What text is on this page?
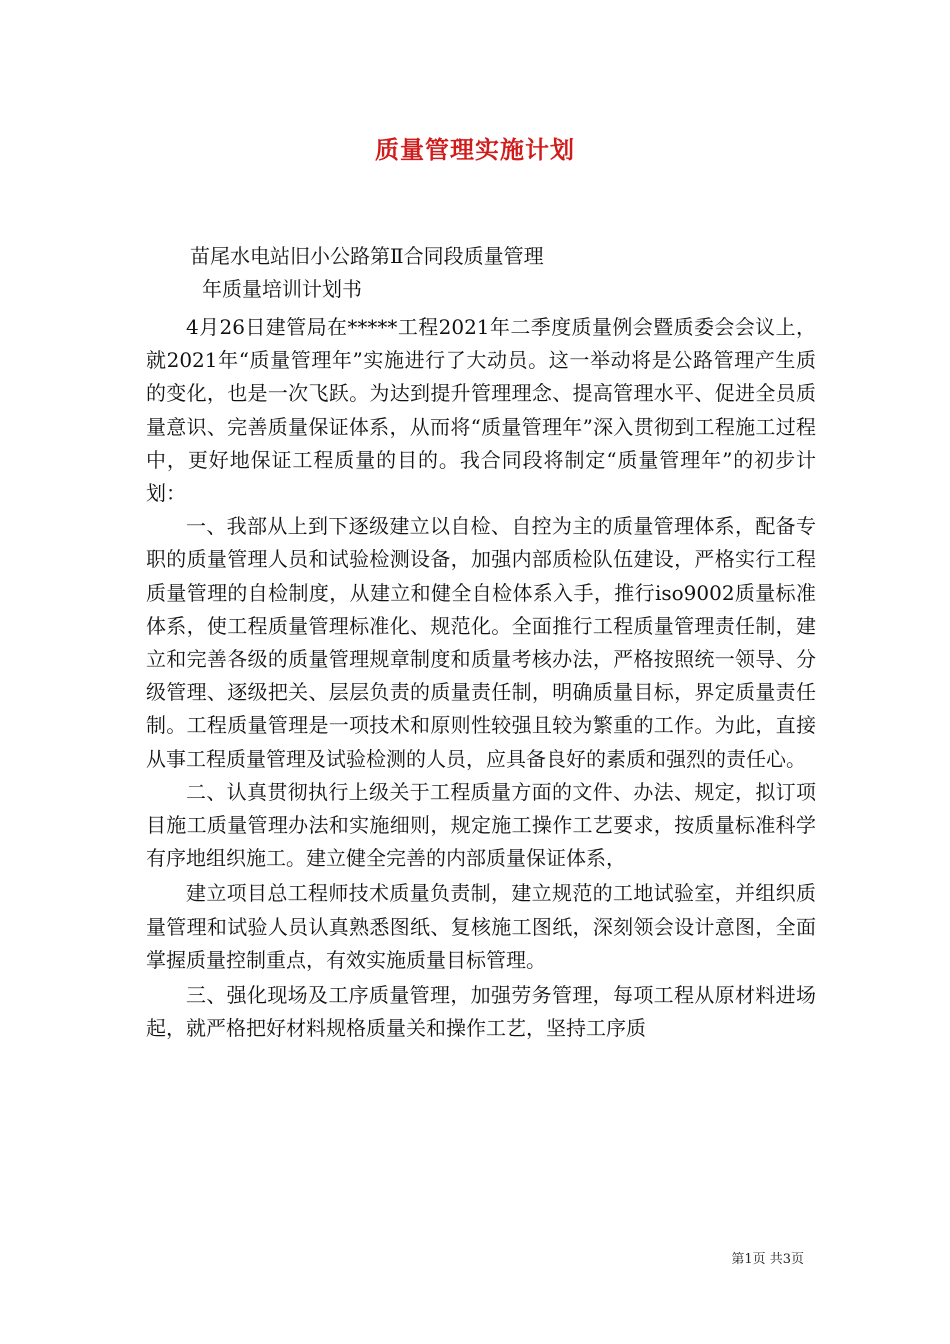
质量管理实施计划
苗尾水电站旧小公路第Ⅱ合同段质量管理
年质量培训计划书

4月26日建管局在*****工程2021年二季度质量例会暨质委会会议上，就2021年“质量管理年”实施进行了大动员。这一举动将是公路管理产生质的变化，也是一次飞跃。为达到提升管理理念、提高管理水平、促进全员质量意识、完善质量保证体系，从而将“质量管理年”深入贯彻到工程施工过程中，更好地保证工程质量的目的。我合同段将制定“质量管理年”的初步计划：

一、我部从上到下逐级建立以自检、自控为主的质量管理体系，配备专职的质量管理人员和试验检测设备，加强内部质检队伍建设，严格实行工程质量管理的自检制度，从建立和健全自检体系入手，推行iso9002质量标准体系，使工程质量管理标准化、规范化。全面推行工程质量管理责任制，建立和完善各级的质量管理规章制度和质量考核办法，严格按照统一领导、分级管理、逐级把关、层层负责的质量责任制，明确质量目标，界定质量责任制。工程质量管理是一项技术和原则性较强且较为繁重的工作。为此，直接从事工程质量管理及试验检测的人员，应具备良好的素质和强烈的责任心。

二、认真贯彻执行上级关于工程质量方面的文件、办法、规定，拟订项目施工质量管理办法和实施细则，规定施工操作工艺要求，按质量标准科学有序地组织施工。建立健全完善的内部质量保证体系，

建立项目总工程师技术质量负责制，建立规范的工地试验室，并组织质量管理和试验人员认真熟悉图纸、复核施工图纸，深刻领会设计意图，全面掌握质量控制重点，有效实施质量目标管理。

三、强化现场及工序质量管理，加强劳务管理，每项工程从原材料进场起，就严格把好材料规格质量关和操作工艺，坚持工序质

第1页 共3页
